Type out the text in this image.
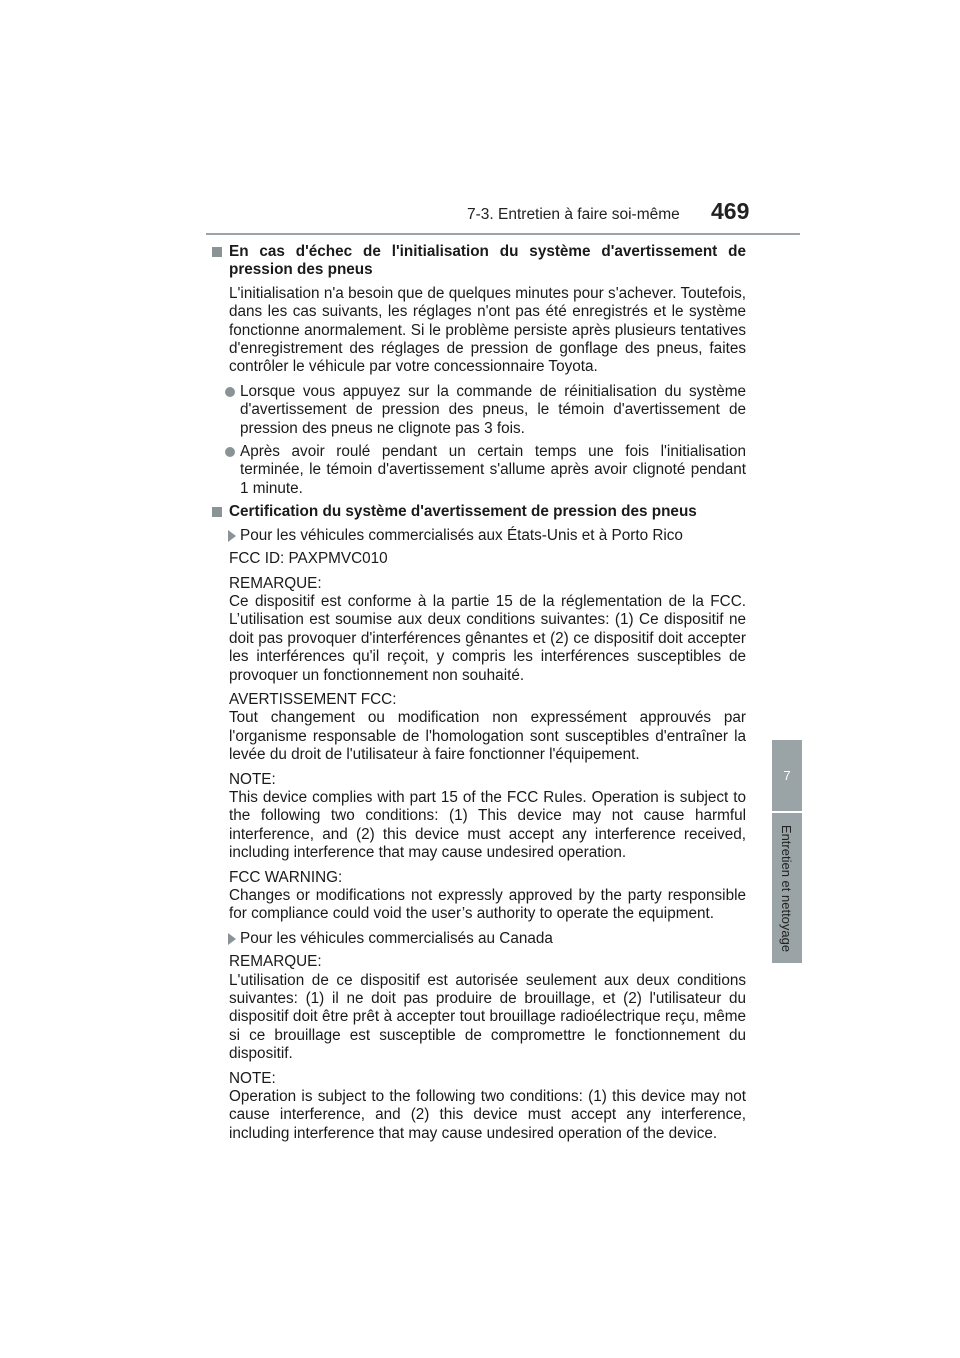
7-3. Entretien à faire soi-même 469
7
Entretien et nettoyage
En cas d'échec de l'initialisation du système d'avertissement de pression des pneus
L'initialisation n'a besoin que de quelques minutes pour s'achever. Toutefois, dans les cas suivants, les réglages n'ont pas été enregistrés et le système fonctionne anormalement. Si le problème persiste après plusieurs tentatives d'enregistrement des réglages de pression de gonflage des pneus, faites contrôler le véhicule par votre concessionnaire Toyota.
Lorsque vous appuyez sur la commande de réinitialisation du système d'avertissement de pression des pneus, le témoin d'avertissement de pression des pneus ne clignote pas 3 fois.
Après avoir roulé pendant un certain temps une fois l'initialisation terminée, le témoin d'avertissement s'allume après avoir clignoté pendant 1 minute.
Certification du système d'avertissement de pression des pneus
Pour les véhicules commercialisés aux États-Unis et à Porto Rico
FCC ID: PAXPMVC010
REMARQUE:
Ce dispositif est conforme à la partie 15 de la réglementation de la FCC. L’utilisation est soumise aux deux conditions suivantes: (1) Ce dispositif ne doit pas provoquer d'interférences gênantes et (2) ce dispositif doit accepter les interférences qu'il reçoit, y compris les interférences susceptibles de provoquer un fonctionnement non souhaité.
AVERTISSEMENT FCC:
Tout changement ou modification non expressément approuvés par l'organisme responsable de l'homologation sont susceptibles d'entraîner la levée du droit de l'utilisateur à faire fonctionner l'équipement.
NOTE:
This device complies with part 15 of the FCC Rules. Operation is subject to the following two conditions: (1) This device may not cause harmful interference, and (2) this device must accept any interference received, including interference that may cause undesired operation.
FCC WARNING:
Changes or modifications not expressly approved by the party responsible for compliance could void the user’s authority to operate the equipment.
Pour les véhicules commercialisés au Canada
REMARQUE:
L'utilisation de ce dispositif est autorisée seulement aux deux conditions suivantes: (1) il ne doit pas produire de brouillage, et (2) l'utilisateur du dispositif doit être prêt à accepter tout brouillage radioélectrique reçu, même si ce brouillage est susceptible de compromettre le fonctionnement du dispositif.
NOTE:
Operation is subject to the following two conditions: (1) this device may not cause interference, and (2) this device must accept any interference, including interference that may cause undesired operation of the device.
